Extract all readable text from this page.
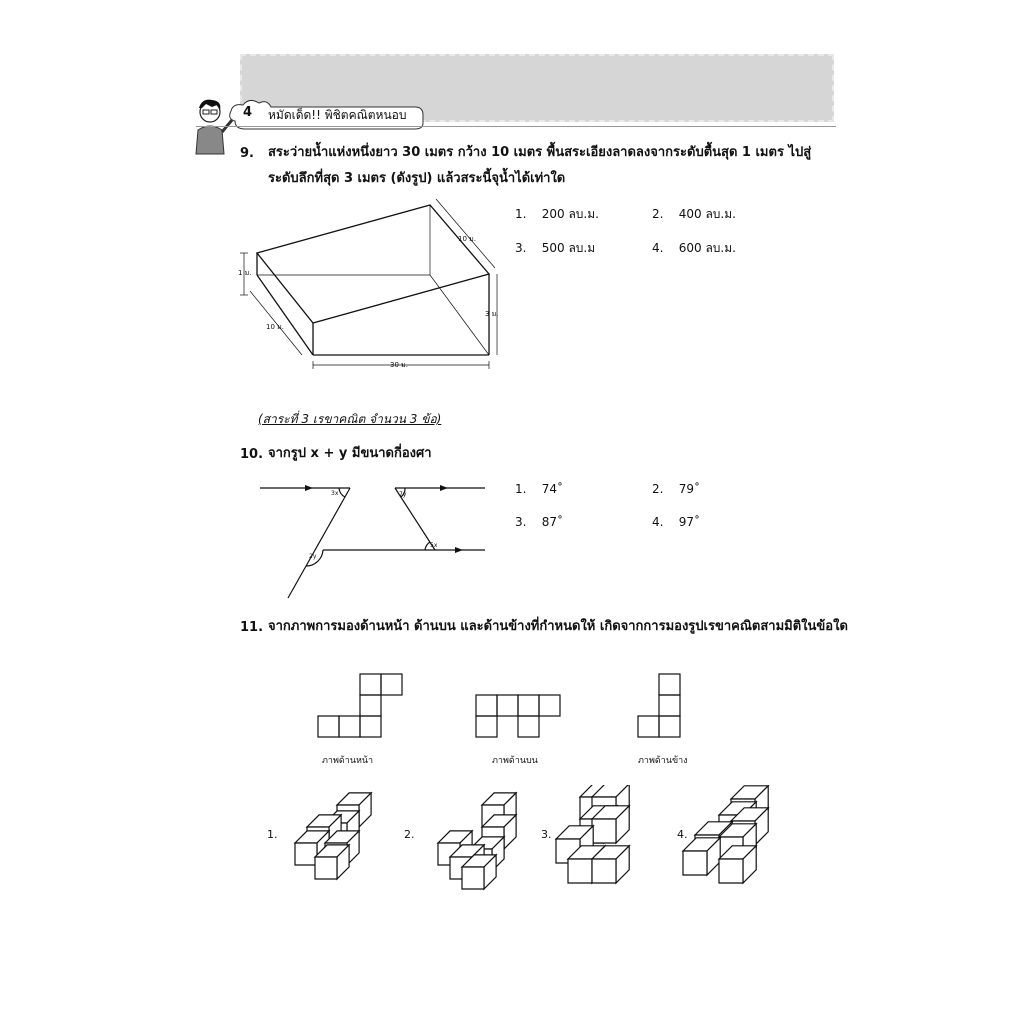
4 หมัดเด็ด!! พิชิตคณิตหนอบ
9. สระว่ายน้ำแห่งหนึ่งยาว 30 เมตร กว้าง 10 เมตร พื้นสระเอียงลาดลงจากระดับตื้นสุด 1 เมตร ไปสู่
ระดับลึกที่สุด 3 เมตร (ดังรูป) แล้วสระนี้จุน้ำได้เท่าใด
10 ม.
1 ม.
10 ม.
3 ม.
30 ม.
1. 200 ลบ.ม.	2. 400 ลบ.ม.
3. 500 ลบ.ม	4. 600 ลบ.ม.
(สาระที่ 3 เรขาคณิต จำนวน 3 ข้อ)
10. จากรูป x + y มีขนาดกี่องศา
3x	7y
2y
5x
1. 74˚	2. 79˚
3. 87˚	4. 97˚
11. จากภาพการมองด้านหน้า ด้านบน และด้านข้างที่กำหนดให้ เกิดจากการมองรูปเรขาคณิตสามมิติในข้อใด
ภาพด้านหน้า	ภาพด้านบน	ภาพด้านข้าง
1.	2.	3.	4.
